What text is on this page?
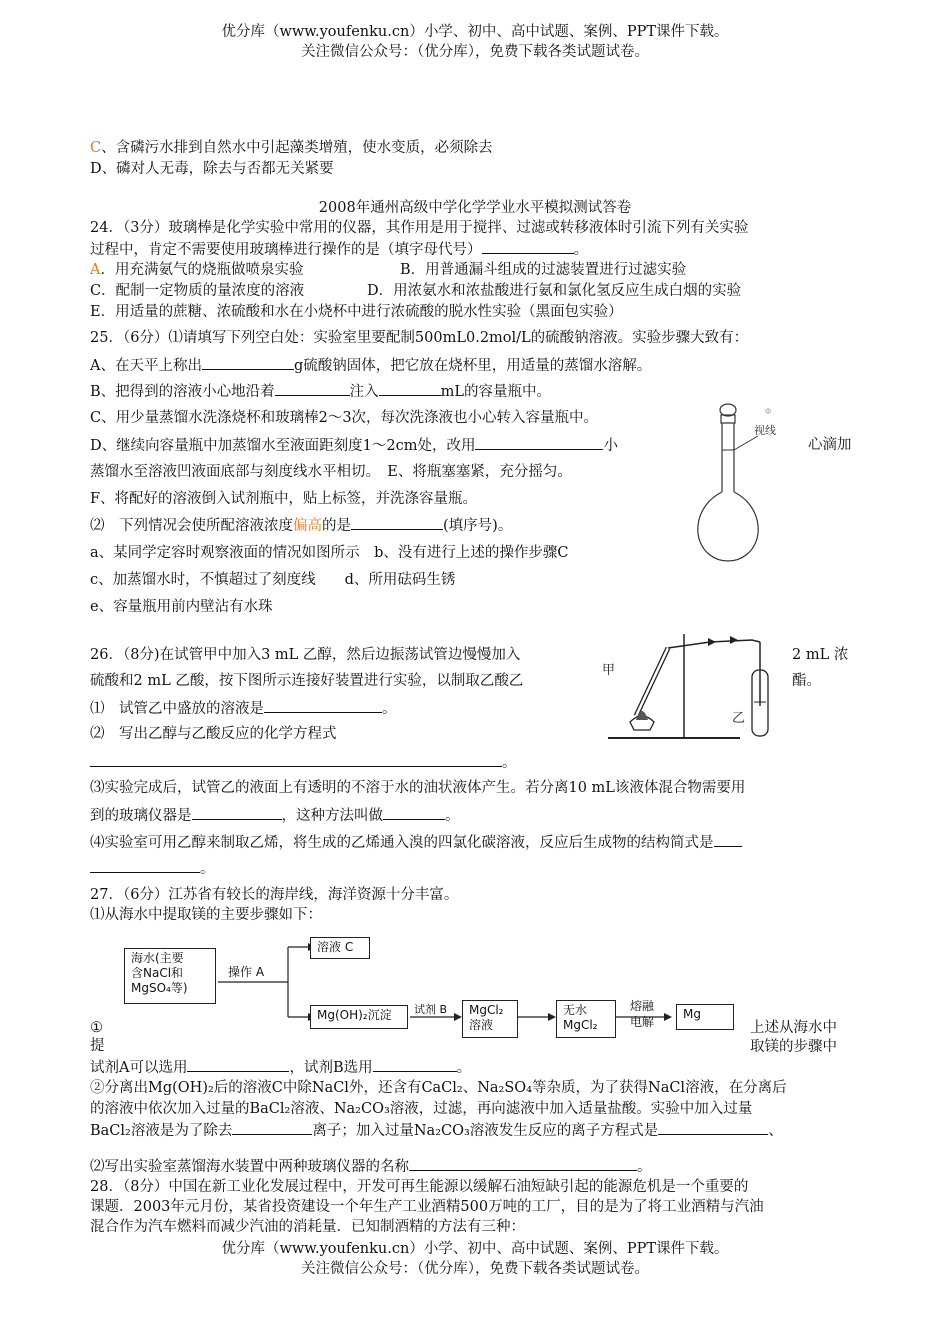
优分库（www.youfenku.cn）小学、初中、高中试题、案例、PPT课件下载。
关注微信公众号：（优分库），免费下载各类试题试卷。
C、含磷污水排到自然水中引起藻类增殖，使水变质，必须除去
D、磷对人无毒，除去与否都无关紧要
2008年通州高级中学化学学业水平模拟测试答卷
24．（3分）玻璃棒是化学实验中常用的仪器，其作用是用于搅拌、过滤或转移液体时引流下列有关实验
过程中，肯定不需要使用玻璃棒进行操作的是（填字母代号）	。
A．用充满氨气的烧瓶做喷泉实验	B．用普通漏斗组成的过滤装置进行过滤实验
C．配制一定物质的量浓度的溶液	D．用浓氨水和浓盐酸进行氨和氯化氢反应生成白烟的实验
E．用适量的蔗糖、浓硫酸和水在小烧杯中进行浓硫酸的脱水性实验（黑面包实验）
25．（6分）⑴请填写下列空白处：实验室里要配制500mL0.2mol/L的硫酸钠溶液。实验步骤大致有：
A、在天平上称出	g硫酸钠固体，把它放在烧杯里，用适量的蒸馏水溶解。
B、把得到的溶液小心地沿着	注入	mL的容量瓶中。
C、用少量蒸馏水洗涤烧杯和玻璃棒2～3次，每次洗涤液也小心转入容量瓶中。
D、继续向容量瓶中加蒸馏水至液面距刻度1～2cm处，改用	小	心滴加
蒸馏水至溶液凹液面底部与刻度线水平相切。　E、将瓶塞塞紧，充分摇匀。
F、将配好的溶液倒入试剂瓶中，贴上标签，并洗涤容量瓶。
⑵　下列情况会使所配溶液浓度偏高的是	(填序号)。
a、某同学定容时观察液面的情况如图所示　b、没有进行上述的操作步骤C
c、加蒸馏水时，不慎超过了刻度线　　d、所用砝码生锈
e、容量瓶用前内壁沾有水珠
视线
Φ
26．（8分)在试管甲中加入3 mL 乙醇，然后边振荡试管边慢慢加入	2 mL 浓
硫酸和2 mL 乙酸，按下图所示连接好装置进行实验，以制取乙酸乙	酯。
⑴　试管乙中盛放的溶液是	。
⑵　写出乙醇与乙酸反应的化学方程式
。
⑶实验完成后，试管乙的液面上有透明的不溶于水的油状液体产生。若分离10 mL该液体混合物需要用
到的玻璃仪器是	，这种方法叫做	。
⑷实验室可用乙醇来制取乙烯，将生成的乙烯通入溴的四氯化碳溶液，反应后生成物的结构简式是
。
甲
乙
27．（6分）江苏省有较长的海岸线，海洋资源十分丰富。
⑴从海水中提取镁的主要步骤如下：
海水(主要
含NaCl和
MgSO₄等)
操作 A
溶液 C
Mg(OH)₂沉淀	试剂 B MgCl₂
溶液
无水
MgCl₂
熔融
电解
Mg
①
提
上述从海水中
取镁的步骤中
试剂A可以选用	，试剂B选用	。
②分离出Mg(OH)₂后的溶液C中除NaCl外，还含有CaCl₂、Na₂SO₄等杂质，为了获得NaCl溶液，在分离后
的溶液中依次加入过量的BaCl₂溶液、Na₂CO₃溶液，过滤，再向滤液中加入适量盐酸。实验中加入过量
BaCl₂溶液是为了除去	离子；加入过量Na₂CO₃溶液发生反应的离子方程式是	、
⑵写出实验室蒸馏海水装置中两种玻璃仪器的名称	。
28．（8分）中国在新工业化发展过程中，开发可再生能源以缓解石油短缺引起的能源危机是一个重要的
课题．2003年元月份，某省投资建设一个年生产工业酒精500万吨的工厂，目的是为了将工业酒精与汽油
混合作为汽车燃料而减少汽油的消耗量．已知制酒精的方法有三种：
优分库（www.youfenku.cn）小学、初中、高中试题、案例、PPT课件下载。
关注微信公众号：（优分库），免费下载各类试题试卷。
